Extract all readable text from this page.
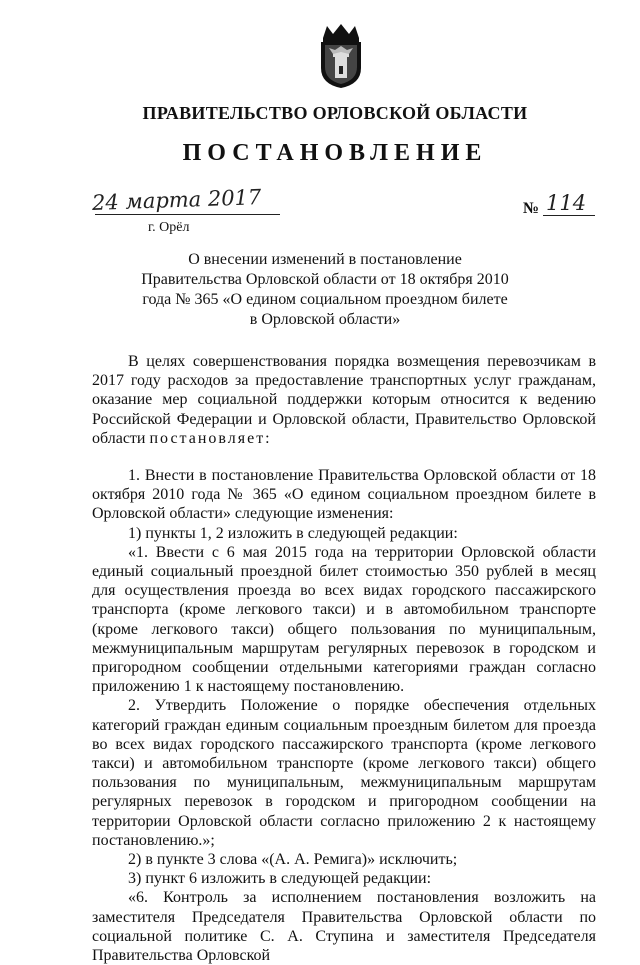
ПРАВИТЕЛЬСТВО ОРЛОВСКОЙ ОБЛАСТИ
ПОСТАНОВЛЕНИЕ
24 марта 2017
г. Орёл
№ 114
О внесении изменений в постановление Правительства Орловской области от 18 октября 2010 года № 365 «О едином социальном проездном билете в Орловской области»

В целях совершенствования порядка возмещения перевозчикам в 2017 году расходов за предоставление транспортных услуг гражданам, оказание мер социальной поддержки которым относится к ведению Российской Федерации и Орловской области, Правительство Орловской области постановляет:

1. Внести в постановление Правительства Орловской области от 18 октября 2010 года № 365 «О едином социальном проездном билете в Орловской области» следующие изменения:

1) пункты 1, 2 изложить в следующей редакции:

«1. Ввести с 6 мая 2015 года на территории Орловской области единый социальный проездной билет стоимостью 350 рублей в месяц для осуществления проезда во всех видах городского пассажирского транспорта (кроме легкового такси) и в автомобильном транспорте (кроме легкового такси) общего пользования по муниципальным, межмуниципальным маршрутам регулярных перевозок в городском и пригородном сообщении отдельными категориями граждан согласно приложению 1 к настоящему постановлению.

2. Утвердить Положение о порядке обеспечения отдельных категорий граждан единым социальным проездным билетом для проезда во всех видах городского пассажирского транспорта (кроме легкового такси) и автомобильном транспорте (кроме легкового такси) общего пользования по муниципальным, межмуниципальным маршрутам регулярных перевозок в городском и пригородном сообщении на территории Орловской области согласно приложению 2 к настоящему постановлению.»;

2) в пункте 3 слова «(А. А. Ремига)» исключить;

3) пункт 6 изложить в следующей редакции:

«6. Контроль за исполнением постановления возложить на заместителя Председателя Правительства Орловской области по социальной политике С. А. Ступина и заместителя Председателя Правительства Орловской
